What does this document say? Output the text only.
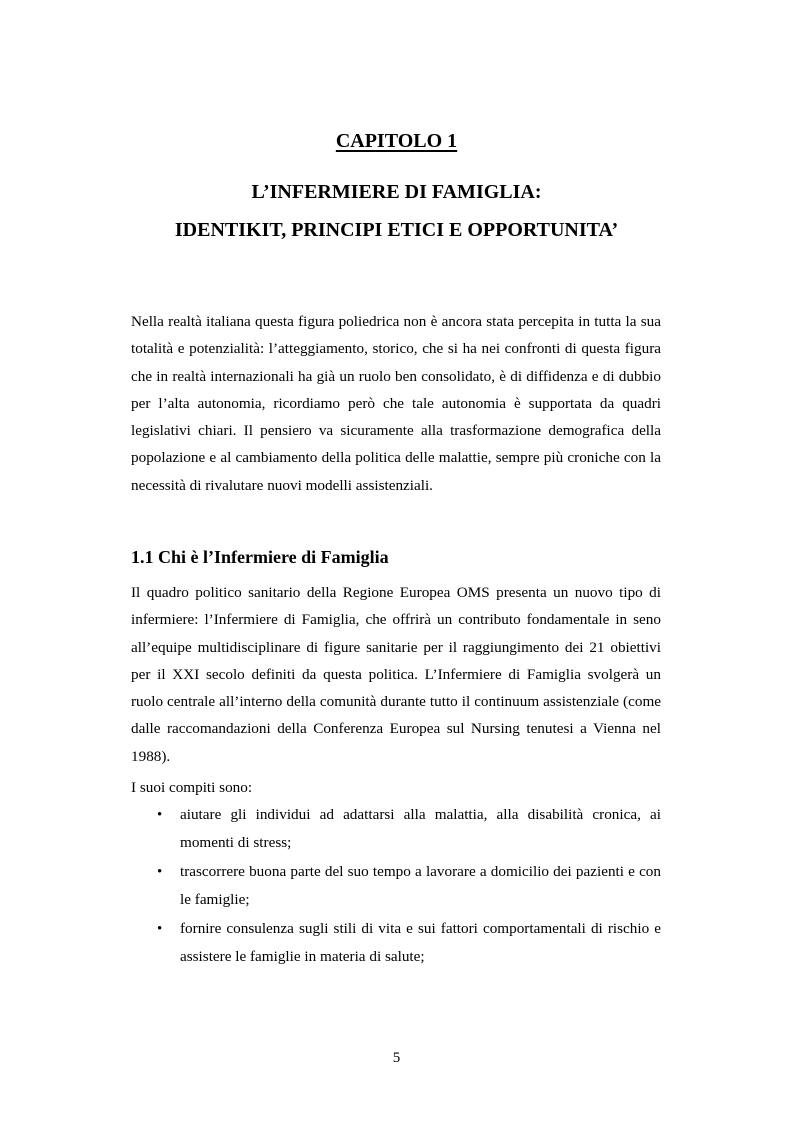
CAPITOLO 1
L’INFERMIERE DI FAMIGLIA:
IDENTIKIT, PRINCIPI ETICI E OPPORTUNITA’

Nella realtà italiana questa figura poliedrica non è ancora stata percepita in tutta la sua totalità e potenzialità: l’atteggiamento, storico, che si ha nei confronti di questa figura che in realtà internazionali ha già un ruolo ben consolidato, è di diffidenza e di dubbio per l’alta autonomia, ricordiamo però che tale autonomia è supportata da quadri legislativi chiari. Il pensiero va sicuramente alla trasformazione demografica della popolazione e al cambiamento della politica delle malattie, sempre più croniche con la necessità di rivalutare nuovi modelli assistenziali.

1.1 Chi è l’Infermiere di Famiglia

Il quadro politico sanitario della Regione Europea OMS presenta un nuovo tipo di infermiere: l’Infermiere di Famiglia, che offrirà un contributo fondamentale in seno all’equipe multidisciplinare di figure sanitarie per il raggiungimento dei 21 obiettivi per il XXI secolo definiti da questa politica. L’Infermiere di Famiglia svolgerà un ruolo centrale all’interno della comunità durante tutto il continuum assistenziale (come dalle raccomandazioni della Conferenza Europea sul Nursing tenutesi a Vienna nel 1988).

I suoi compiti sono:
• aiutare gli individui ad adattarsi alla malattia, alla disabilità cronica, ai momenti di stress;
• trascorrere buona parte del suo tempo a lavorare a domicilio dei pazienti e con le famiglie;
• fornire consulenza sugli stili di vita e sui fattori comportamentali di rischio e assistere le famiglie in materia di salute;
5
